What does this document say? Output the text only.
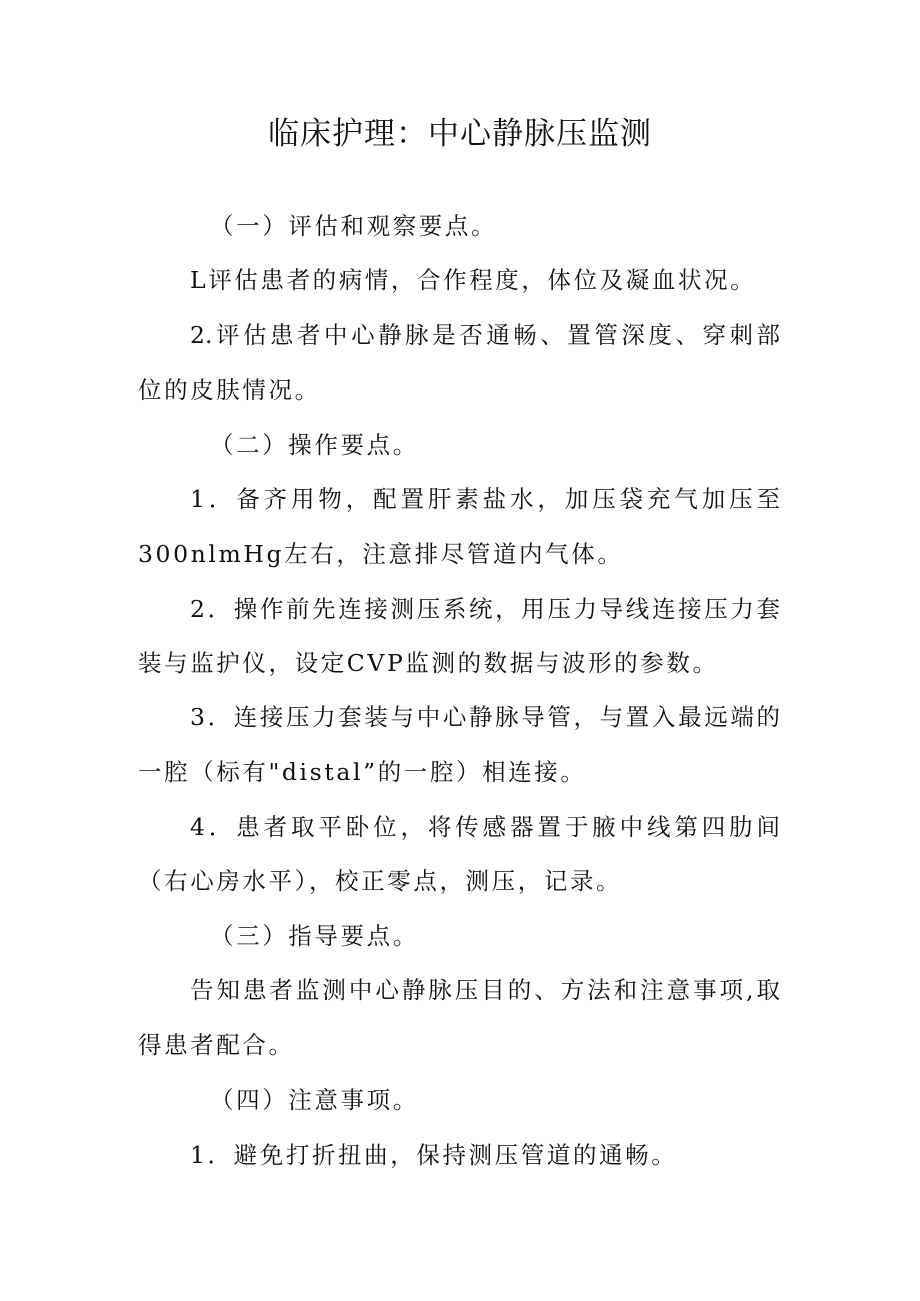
临床护理：中心静脉压监测
（一）评估和观察要点。
L评估患者的病情，合作程度，体位及凝血状况。
2.评估患者中心静脉是否通畅、置管深度、穿刺部
位的皮肤情况。
（二）操作要点。
1．备齐用物，配置肝素盐水，加压袋充气加压至
300nlmHg左右，注意排尽管道内气体。
2．操作前先连接测压系统，用压力导线连接压力套
装与监护仪，设定CVP监测的数据与波形的参数。
3．连接压力套装与中心静脉导管，与置入最远端的
一腔（标有"distal”的一腔）相连接。
4．患者取平卧位，将传感器置于腋中线第四肋间
（右心房水平），校正零点，测压，记录。
（三）指导要点。
告知患者监测中心静脉压目的、方法和注意事项,取
得患者配合。
（四）注意事项。
1．避免打折扭曲，保持测压管道的通畅。
